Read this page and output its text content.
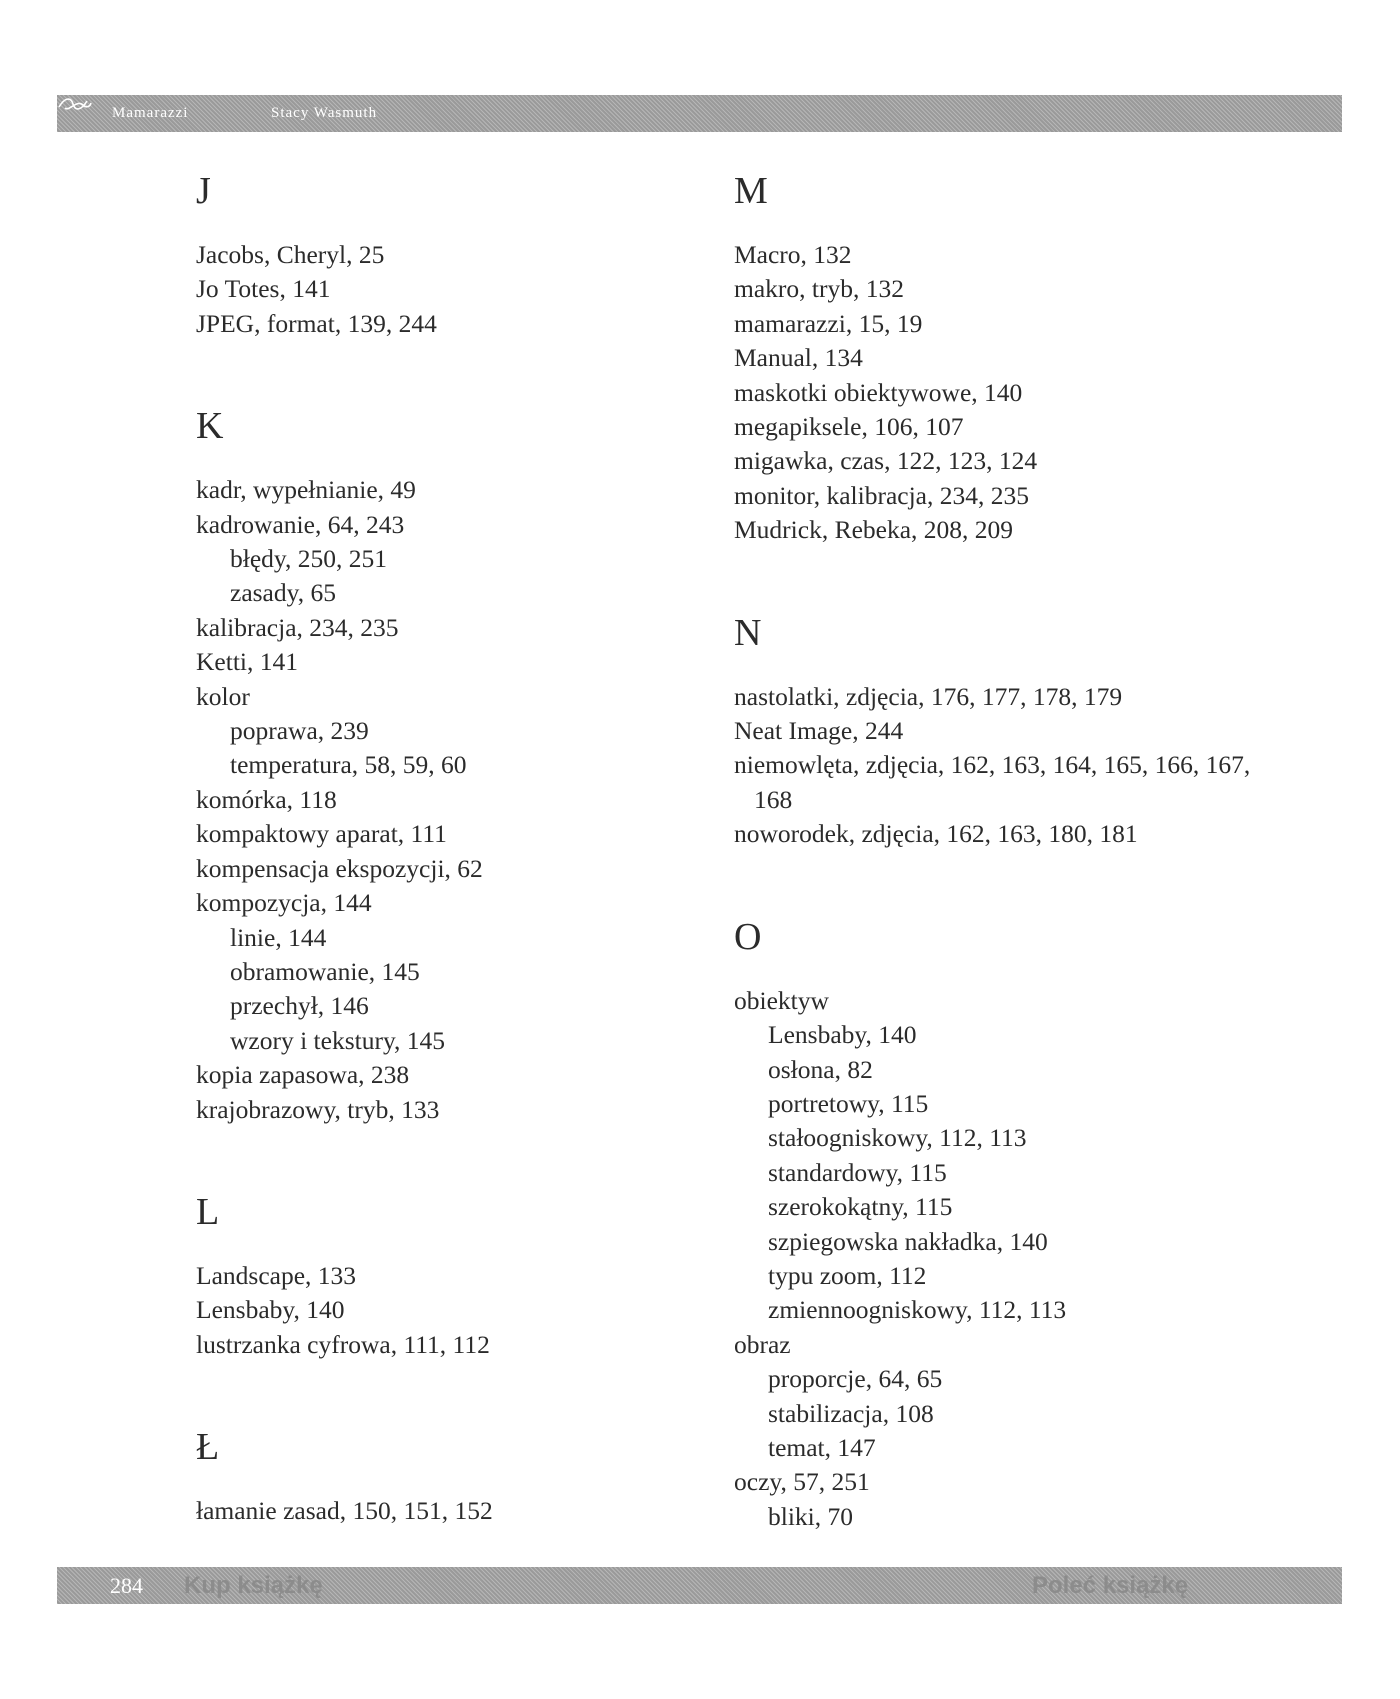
Mamarazzi	Stacy Wasmuth
J
Jacobs, Cheryl, 25
Jo Totes, 141
JPEG, format, 139, 244
K
kadr, wypełnianie, 49
kadrowanie, 64, 243
błędy, 250, 251
zasady, 65
kalibracja, 234, 235
Ketti, 141
kolor
poprawa, 239
temperatura, 58, 59, 60
komórka, 118
kompaktowy aparat, 111
kompensacja ekspozycji, 62
kompozycja, 144
linie, 144
obramowanie, 145
przechył, 146
wzory i tekstury, 145
kopia zapasowa, 238
krajobrazowy, tryb, 133
L
Landscape, 133
Lensbaby, 140
lustrzanka cyfrowa, 111, 112
Ł
łamanie zasad, 150, 151, 152
M
Macro, 132
makro, tryb, 132
mamarazzi, 15, 19
Manual, 134
maskotki obiektywowe, 140
megapiksele, 106, 107
migawka, czas, 122, 123, 124
monitor, kalibracja, 234, 235
Mudrick, Rebeka, 208, 209
N
nastolatki, zdjęcia, 176, 177, 178, 179
Neat Image, 244
niemowlęta, zdjęcia, 162, 163, 164, 165, 166, 167, 168
noworodek, zdjęcia, 162, 163, 180, 181
O
obiektyw
Lensbaby, 140
osłona, 82
portretowy, 115
stałoogniskowy, 112, 113
standardowy, 115
szerokokątny, 115
szpiegowska nakładka, 140
typu zoom, 112
zmiennoogniskowy, 112, 113
obraz
proporcje, 64, 65
stabilizacja, 108
temat, 147
oczy, 57, 251
bliki, 70
284 Kup książkę	Poleć książkę
